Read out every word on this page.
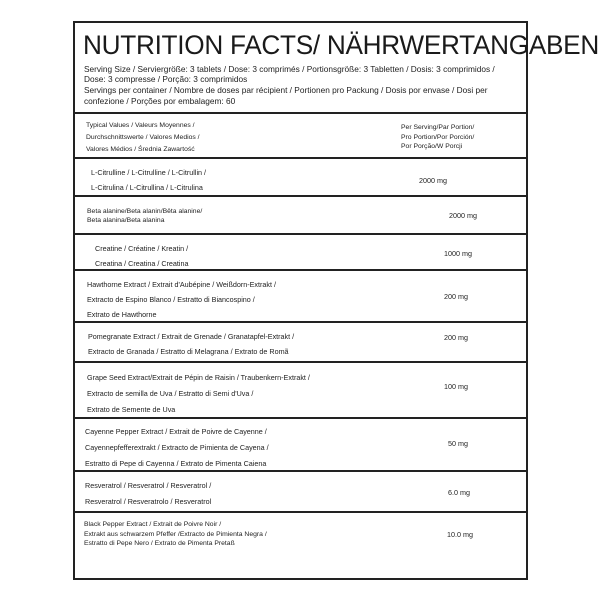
NUTRITION FACTS/ NÄHRWERTANGABEN
Serving Size / Serviergröße: 3 tablets / Dose: 3 comprimés / Portionsgröße: 3 Tabletten / Dosis: 3 comprimidos /
Dose: 3 compresse / Porção: 3 comprimidos
Servings per container / Nombre de doses par récipient / Portionen pro Packung / Dosis por envase / Dosi per
confezione / Porções por embalagem: 60
Typical Values / Valeurs Moyennes /
Durchschnittswerte / Valores Medios /
Valores Médios / Średnia Zawartość
Per Serving/Par Portion/
Pro Portion/Por Porción/
Por Porção/W Porcji
L-Citrulline / L-Citrulline / L-Citrullin /
L-Citrulina / L-Citrullina / L-Citrulina
2000 mg
Beta alanine/Beta alanin/Bêta alanine/
Beta alanina/Beta alanina
2000 mg
Creatine / Créatine / Kreatin /
Creatina / Creatina / Creatina
1000 mg
Hawthorne Extract / Extrait d'Aubépine / Weißdorn-Extrakt /
Extracto de Espino Blanco / Estratto di Biancospino /
Extrato de Hawthorne
200 mg
Pomegranate Extract / Extrait de Grenade / Granatapfel-Extrakt /
Extracto de Granada / Estratto di Melagrana / Extrato de Romã
200 mg
Grape Seed Extract/Extrait de Pépin de Raisin / Traubenkern-Extrakt /
Extracto de semilla de Uva / Estratto di Semi d'Uva /
Extrato de Semente de Uva
100 mg
Cayenne Pepper Extract / Extrait de Poivre de Cayenne /
Cayennepfefferextrakt / Extracto de Pimienta de Cayena /
Estratto di Pepe di Cayenna / Extrato de Pimenta Caiena
50 mg
Resveratrol / Resveratrol / Resveratrol /
Resveratrol / Resveratrolo / Resveratrol
6.0 mg
Black Pepper Extract / Extrait de Poivre Noir /
Extrakt aus schwarzem Pfeffer /Extracto de Pimienta Negra /
Estratto di Pepe Nero / Extrato de Pimenta Pretaß
10.0 mg
